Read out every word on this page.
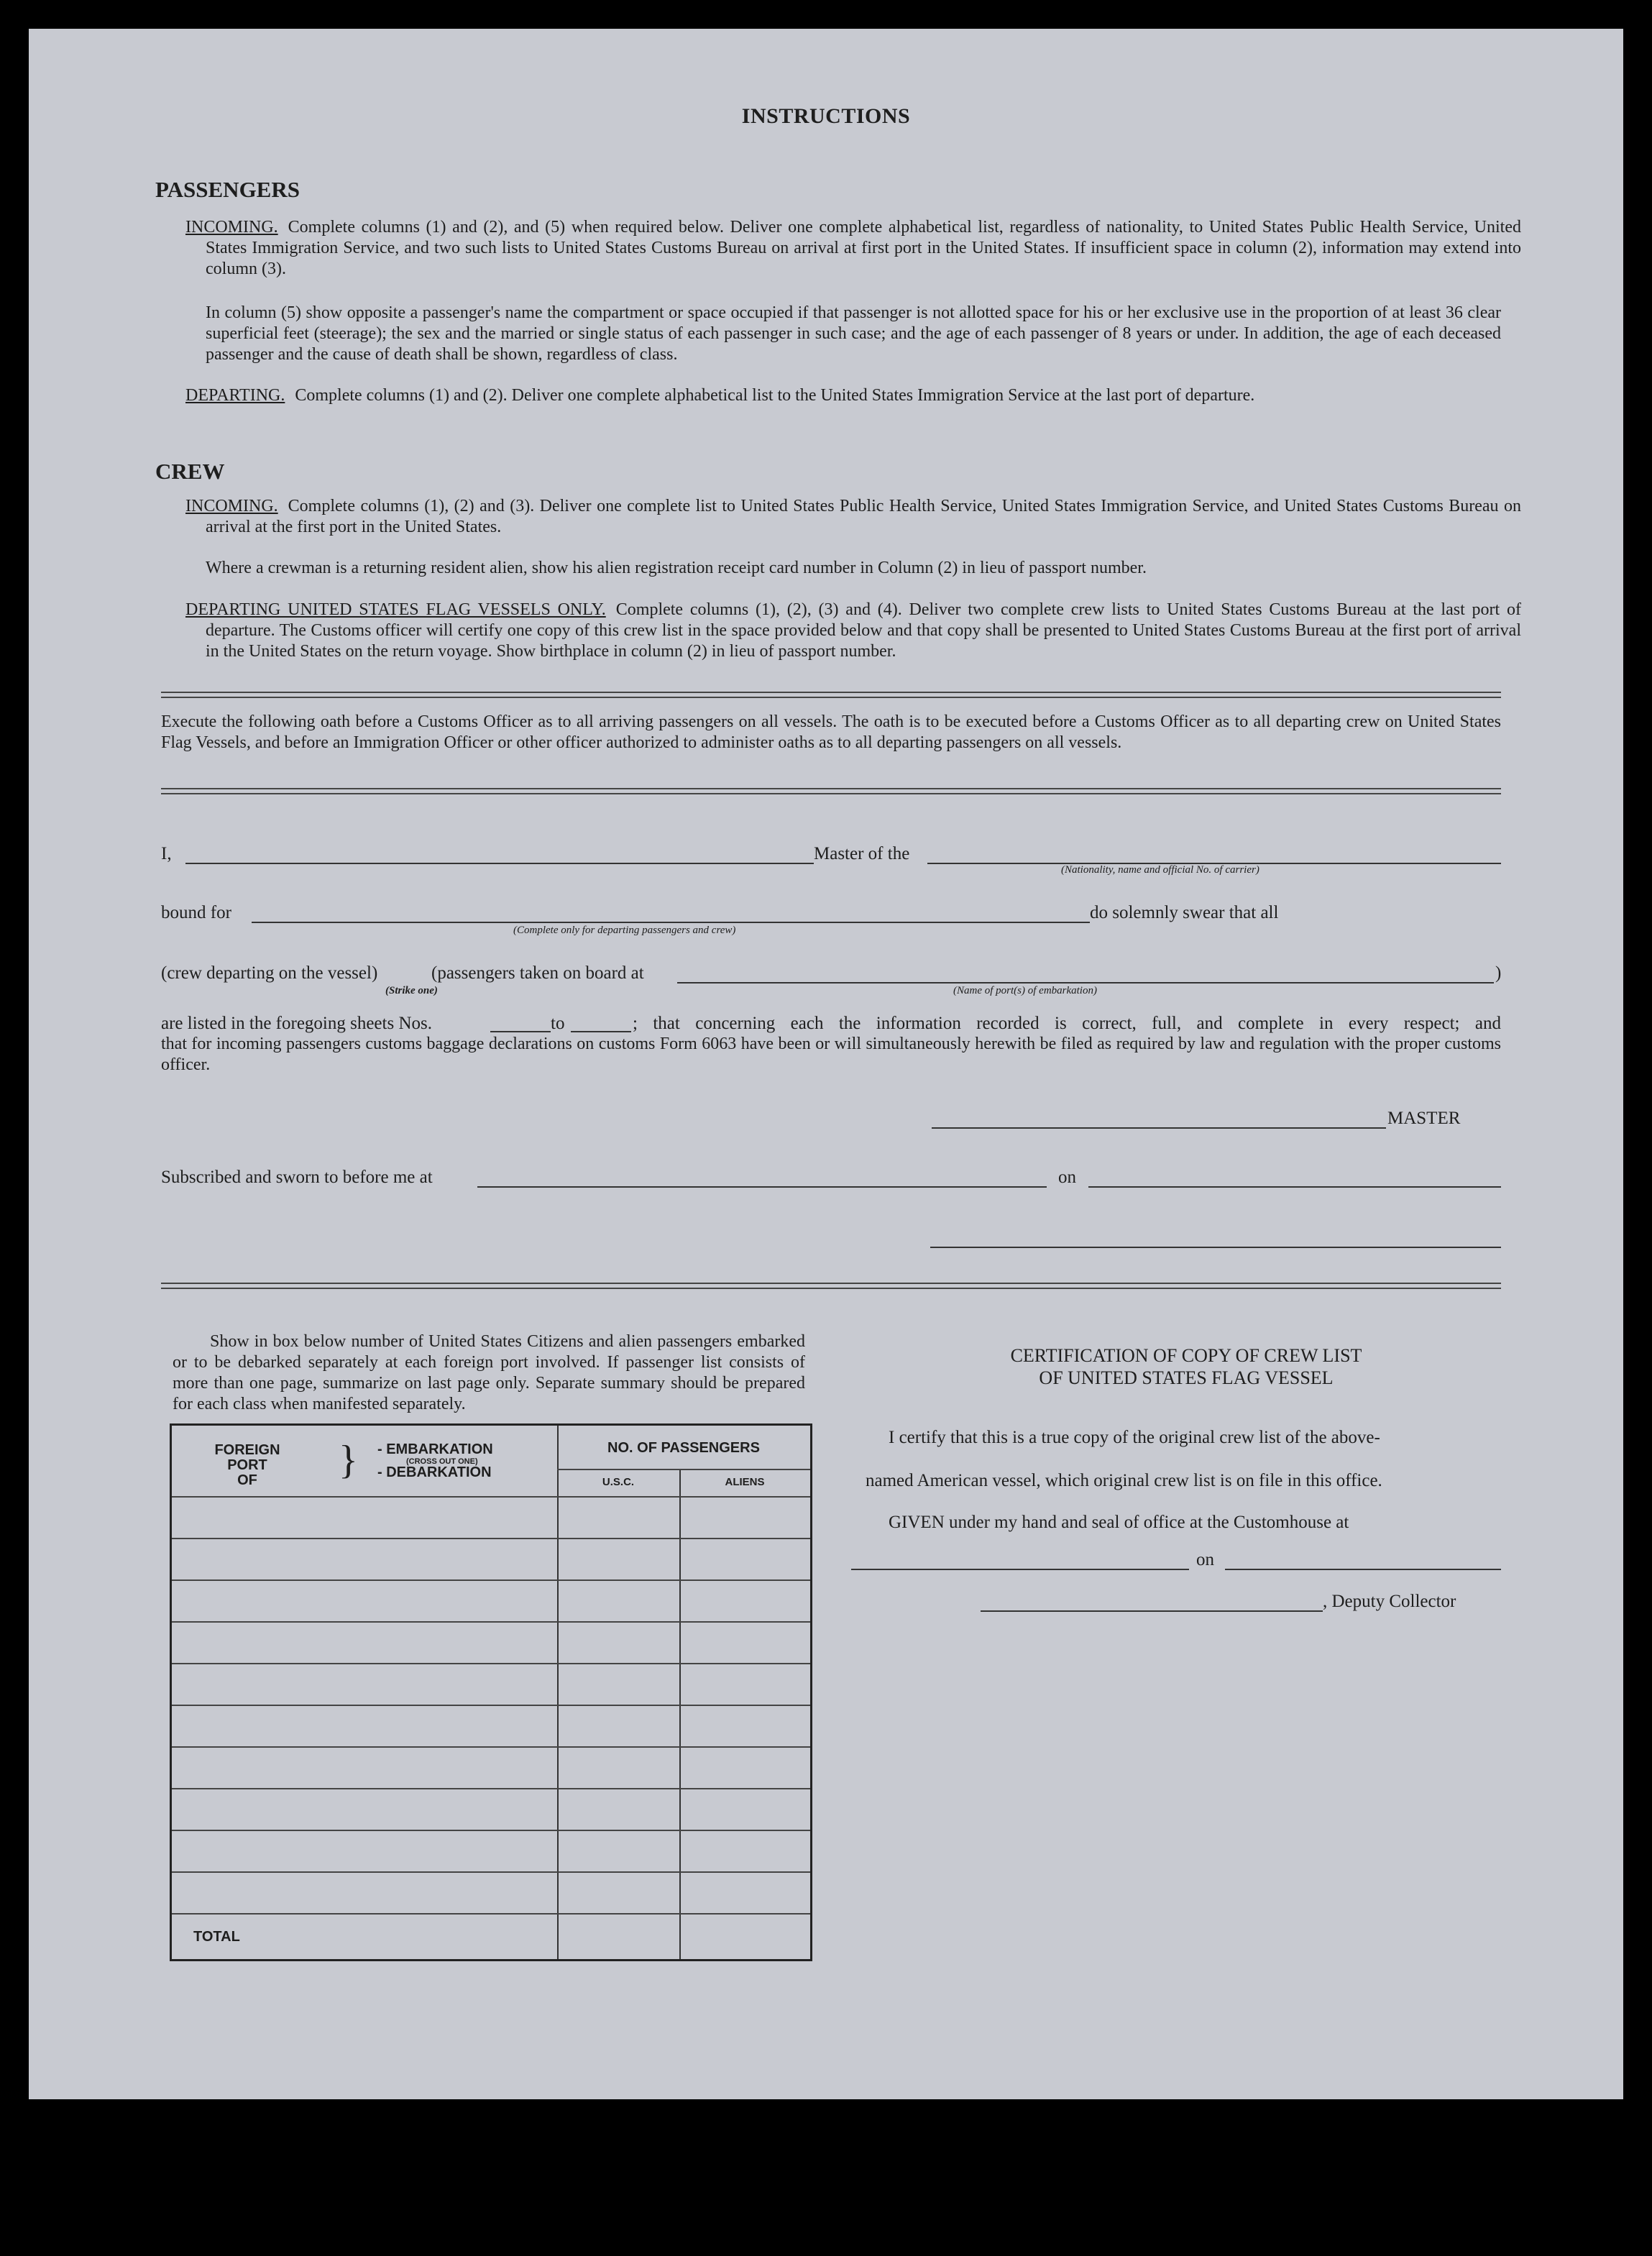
INSTRUCTIONS
PASSENGERS
INCOMING. Complete columns (1) and (2), and (5) when required below. Deliver one complete alphabetical list, regardless of nationality, to United States Public Health Service, United States Immigration Service, and two such lists to United States Customs Bureau on arrival at first port in the United States. If insufficient space in column (2), information may extend into column (3).
In column (5) show opposite a passenger's name the compartment or space occupied if that passenger is not allotted space for his or her exclusive use in the proportion of at least 36 clear superficial feet (steerage); the sex and the married or single status of each passenger in such case; and the age of each passenger of 8 years or under. In addition, the age of each deceased passenger and the cause of death shall be shown, regardless of class.
DEPARTING. Complete columns (1) and (2). Deliver one complete alphabetical list to the United States Immigration Service at the last port of departure.
CREW
INCOMING. Complete columns (1), (2) and (3). Deliver one complete list to United States Public Health Service, United States Immigration Service, and United States Customs Bureau on arrival at the first port in the United States.
Where a crewman is a returning resident alien, show his alien registration receipt card number in Column (2) in lieu of passport number.
DEPARTING UNITED STATES FLAG VESSELS ONLY. Complete columns (1), (2), (3) and (4). Deliver two complete crew lists to United States Customs Bureau at the last port of departure. The Customs officer will certify one copy of this crew list in the space provided below and that copy shall be presented to United States Customs Bureau at the first port of arrival in the United States on the return voyage. Show birthplace in column (2) in lieu of passport number.
Execute the following oath before a Customs Officer as to all arriving passengers on all vessels. The oath is to be executed before a Customs Officer as to all departing crew on United States Flag Vessels, and before an Immigration Officer or other officer authorized to administer oaths as to all departing passengers on all vessels.
I,	Master of the
(Nationality, name and official No. of carrier)
bound for
(Complete only for departing passengers and crew)
do solemnly swear that all
(crew departing on the vessel)
(Strike one)
(passengers taken on board at
(Name of port(s) of embarkation)
)
are listed in the foregoing sheets Nos.	to	; that concerning each the information recorded is correct, full, and complete in every respect; and
that for incoming passengers customs baggage declarations on customs Form 6063 have been or will simultaneously herewith be filed as required by law and regulation with the proper customs officer.
MASTER
Subscribed and sworn to before me at	on
Show in box below number of United States Citizens and alien passengers embarked or to be debarked separately at each foreign port involved. If passenger list consists of more than one page, summarize on last page only. Separate summary should be prepared for each class when manifested separately.
FOREIGN
PORT
OF	} - EMBARKATION
(CROSS OUT ONE)
- DEBARKATION
NO. OF PASSENGERS
U.S.C.	ALIENS
TOTAL
CERTIFICATION OF COPY OF CREW LIST
OF UNITED STATES FLAG VESSEL
I certify that this is a true copy of the original crew list of the above-
named American vessel, which original crew list is on file in this office.
GIVEN under my hand and seal of office at the Customhouse at
on
, Deputy Collector
